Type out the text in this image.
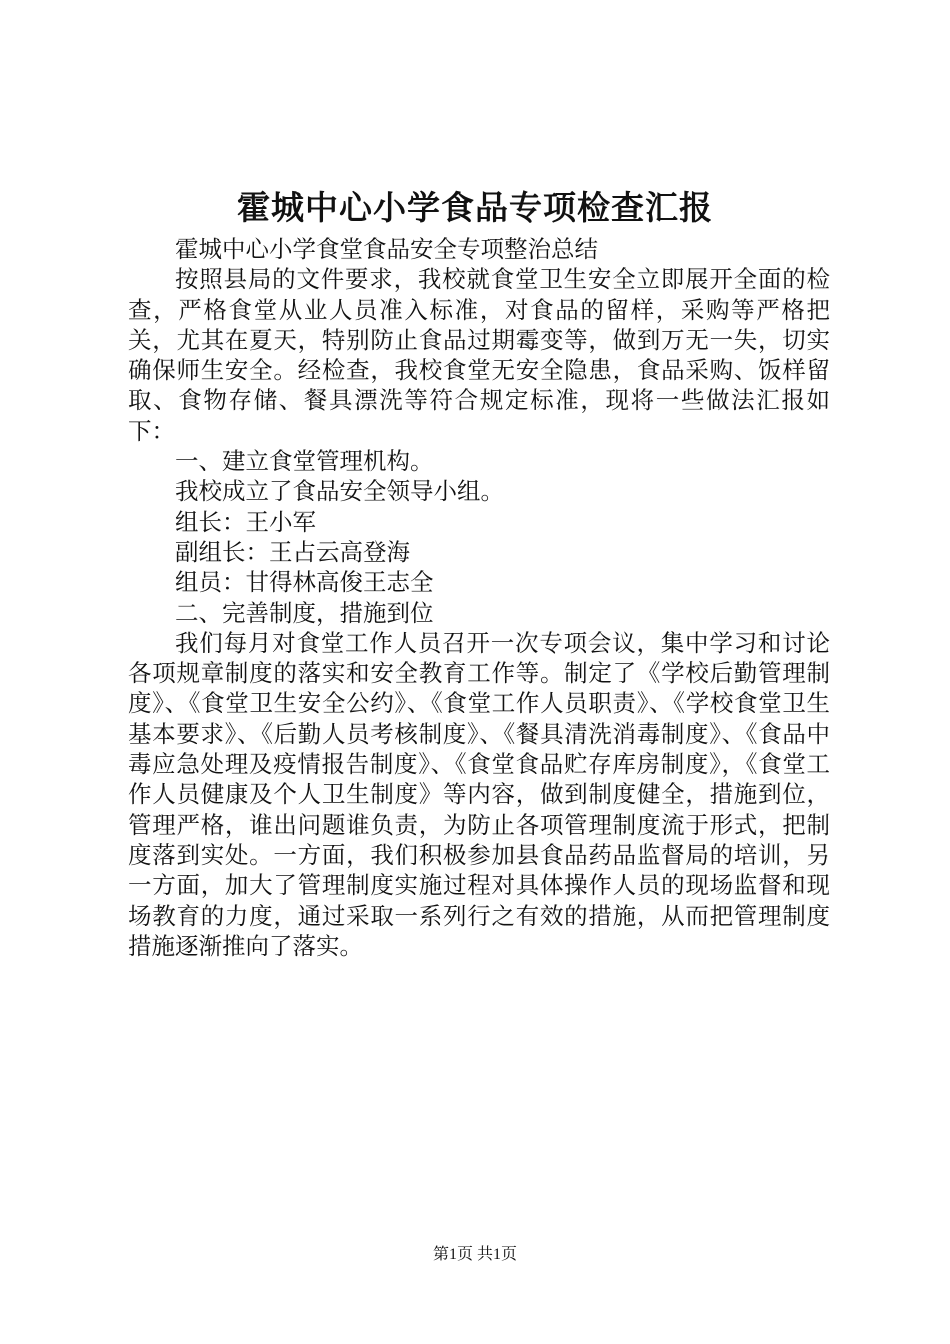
霍城中心小学食品专项检查汇报

霍城中心小学食堂食品安全专项整治总结

按照县局的文件要求，我校就食堂卫生安全立即展开全面的检查，严格食堂从业人员准入标准，对食品的留样，采购等严格把关，尤其在夏天，特别防止食品过期霉变等，做到万无一失，切实确保师生安全。经检查，我校食堂无安全隐患，食品采购、饭样留取、食物存储、餐具漂洗等符合规定标准，现将一些做法汇报如下：

一、建立食堂管理机构。

我校成立了食品安全领导小组。

组长：王小军

副组长：王占云高登海

组员：甘得林高俊王志全

二、完善制度，措施到位

我们每月对食堂工作人员召开一次专项会议，集中学习和讨论各项规章制度的落实和安全教育工作等。制定了《学校后勤管理制度》、《食堂卫生安全公约》、《食堂工作人员职责》、《学校食堂卫生基本要求》、《后勤人员考核制度》、《餐具清洗消毒制度》、《食品中毒应急处理及疫情报告制度》、《食堂食品贮存库房制度》，《食堂工作人员健康及个人卫生制度》等内容，做到制度健全，措施到位，管理严格，谁出问题谁负责，为防止各项管理制度流于形式，把制度落到实处。一方面，我们积极参加县食品药品监督局的培训，另一方面，加大了管理制度实施过程对具体操作人员的现场监督和现场教育的力度，通过采取一系列行之有效的措施，从而把管理制度措施逐渐推向了落实。

第1页 共1页
